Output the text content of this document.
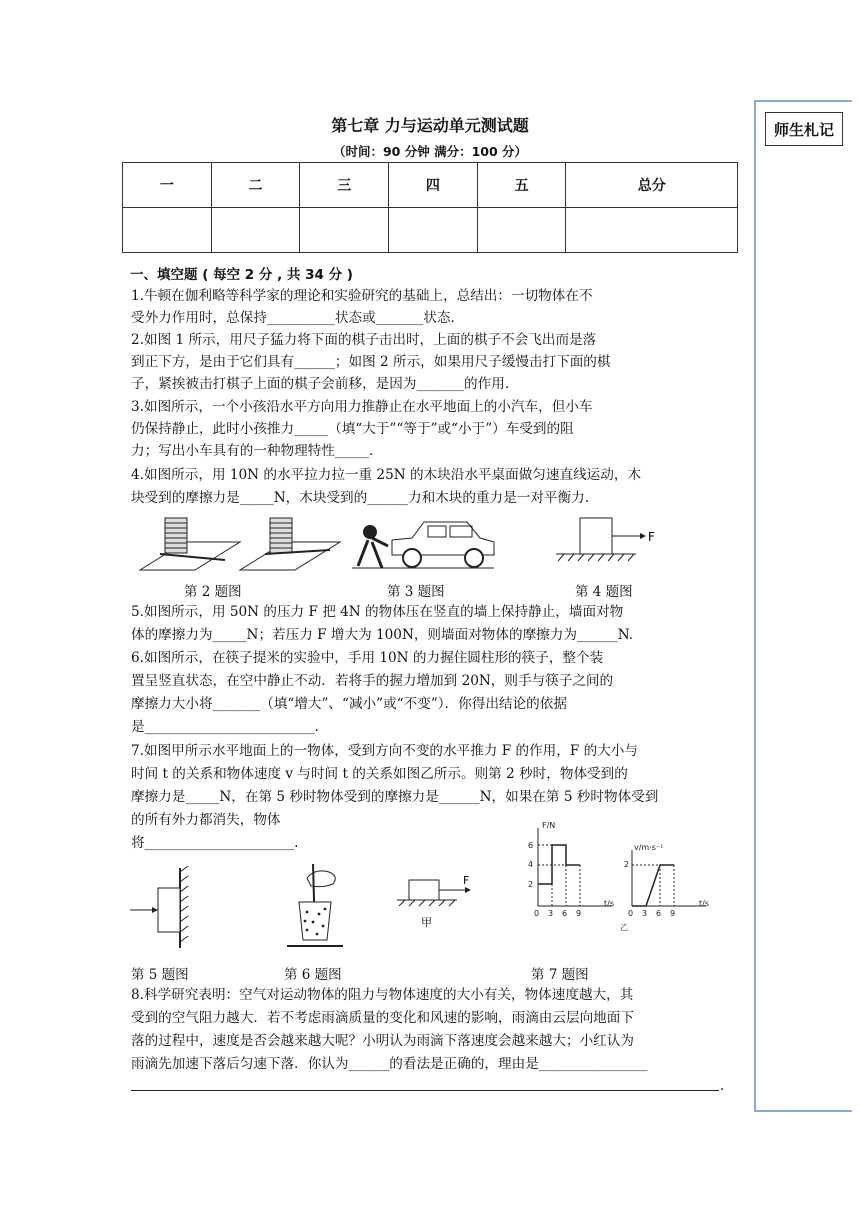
师生札记
第七章 力与运动单元测试题
（时间：90 分钟 满分：100 分）
一	二	三	四	五	总分

一、填空题 ( 每空 2 分 , 共 34 分 )
1.牛顿在伽利略等科学家的理论和实验研究的基础上，总结出：一切物体在不
受外力作用时，总保持__________状态或_______状态.
2.如图 1 所示，用尺子猛力将下面的棋子击出时，上面的棋子不会飞出而是落
到正下方，是由于它们具有______；如图 2 所示，如果用尺子缓慢击打下面的棋
子，紧挨被击打棋子上面的棋子会前移，是因为_______的作用.
3.如图所示，一个小孩沿水平方向用力推静止在水平地面上的小汽车，但小车
仍保持静止，此时小孩推力_____（填“大于”“等于”或“小于”）车受到的阻
力；写出小车具有的一种物理特性_____.
4.如图所示，用 10N 的水平拉力拉一重 25N 的木块沿水平桌面做匀速直线运动，木
块受到的摩擦力是_____N，木块受到的______力和木块的重力是一对平衡力.
F
第 2 题图	第 3 题图	第 4 题图
5.如图所示，用 50N 的压力 F 把 4N 的物体压在竖直的墙上保持静止，墙面对物
体的摩擦力为_____N；若压力 F 增大为 100N，则墙面对物体的摩擦力为______N.
6.如图所示，在筷子提米的实验中，手用 10N 的力握住圆柱形的筷子，整个装
置呈竖直状态，在空中静止不动．若将手的握力增加到 20N，则手与筷子之间的
摩擦力大小将_______（填“增大”、“减小”或“不变”）．你得出结论的依据
是_________________________.
7.如图甲所示水平地面上的一物体，受到方向不变的水平推力 F 的作用，F 的大小与
时间 t 的关系和物体速度 v 与时间 t 的关系如图乙所示。则第 2 秒时，物体受到的
摩擦力是_____N，在第 5 秒时物体受到的摩擦力是______N，如果在第 5 秒时物体受到
的所有外力都消失，物体
将______________________.
F
甲
F/N
6
4
2
0 3 6 9
t/s
v/m·s⁻¹
2
0 3 6 9
t/s
乙
第 5 题图	第 6 题图	第 7 题图
8.科学研究表明：空气对运动物体的阻力与物体速度的大小有关，物体速度越大，其
受到的空气阻力越大．若不考虑雨滴质量的变化和风速的影响，雨滴由云层向地面下
落的过程中，速度是否会越来越大呢？小明认为雨滴下落速度会越来越大；小红认为
雨滴先加速下落后匀速下落．你认为______的看法是正确的，理由是________________
.
